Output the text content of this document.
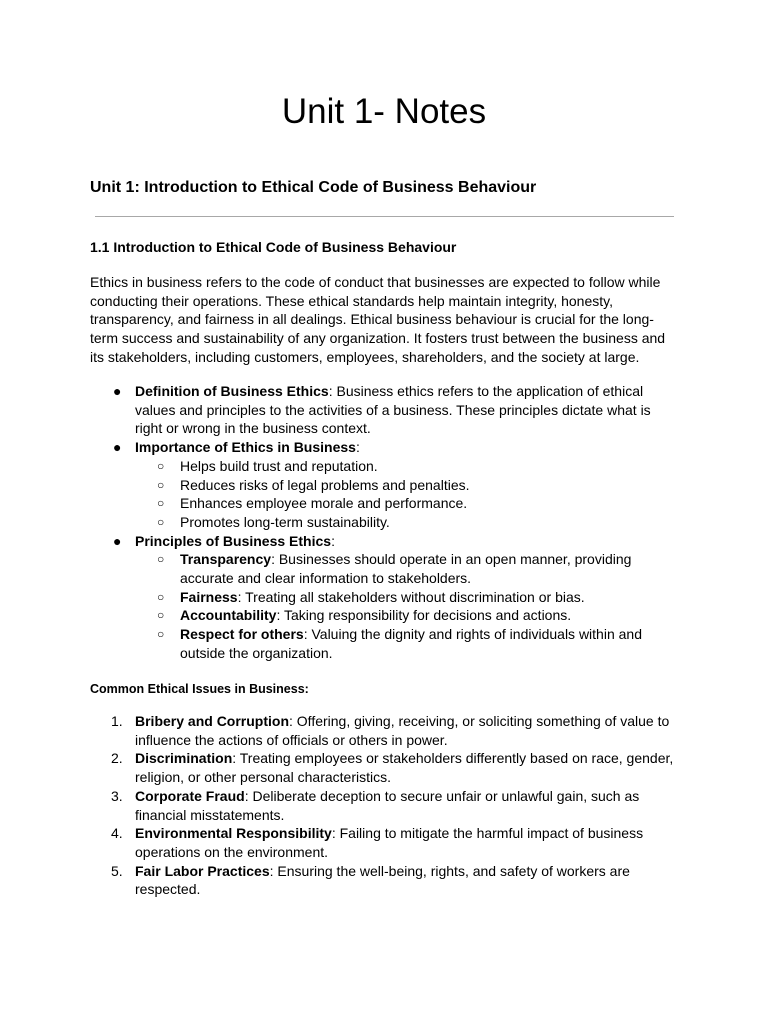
Unit 1- Notes
Unit 1: Introduction to Ethical Code of Business Behaviour
1.1 Introduction to Ethical Code of Business Behaviour

Ethics in business refers to the code of conduct that businesses are expected to follow while conducting their operations. These ethical standards help maintain integrity, honesty, transparency, and fairness in all dealings. Ethical business behaviour is crucial for the long-term success and sustainability of any organization. It fosters trust between the business and its stakeholders, including customers, employees, shareholders, and the society at large.

● Definition of Business Ethics: Business ethics refers to the application of ethical values and principles to the activities of a business. These principles dictate what is right or wrong in the business context.
● Importance of Ethics in Business:
○ Helps build trust and reputation.
○ Reduces risks of legal problems and penalties.
○ Enhances employee morale and performance.
○ Promotes long-term sustainability.
● Principles of Business Ethics:
○ Transparency: Businesses should operate in an open manner, providing accurate and clear information to stakeholders.
○ Fairness: Treating all stakeholders without discrimination or bias.
○ Accountability: Taking responsibility for decisions and actions.
○ Respect for others: Valuing the dignity and rights of individuals within and outside the organization.
Common Ethical Issues in Business:
1. Bribery and Corruption: Offering, giving, receiving, or soliciting something of value to influence the actions of officials or others in power.
2. Discrimination: Treating employees or stakeholders differently based on race, gender, religion, or other personal characteristics.
3. Corporate Fraud: Deliberate deception to secure unfair or unlawful gain, such as financial misstatements.
4. Environmental Responsibility: Failing to mitigate the harmful impact of business operations on the environment.
5. Fair Labor Practices: Ensuring the well-being, rights, and safety of workers are respected.
